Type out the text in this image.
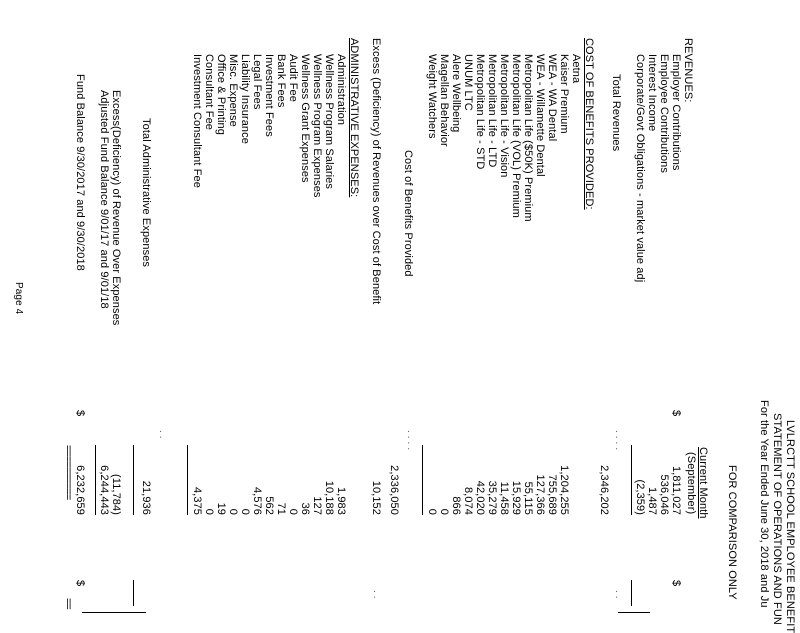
LVLRCTT SCHOOL EMPLOYEE BENEFIT
STATEMENT OF OPERATIONS AND FUN
For the Year Ended June 30, 2018 and Ju
FOR COMPARISON ONLY
Current Month
(September)
REVENUES:
Employer Contributions
$
1,811,027
$
Employee Contributions
536,046
Interest Income
1,487
Corporate/Govt Obligations - market value adj
(2,359)
Total Revenues
....
2,346,202
..
COST OF BENEFITS PROVIDED:
Aetna
Kaiser Premium
1,204,255
WEA - WA Dental
755,689
WEA - Willamette Dental
127,366
Metropolitan Life ($50K) Premium
55,115
Metropolitan Life (VOL) Premium
15,929
Metropolitan Life - Vision
11,458
Metropolitan Life - LTD
35,279
Metropolitan Life - STD
42,020
UNUM LTC
8,074
Alere Wellbeing
866
Magellan Behavior
0
Weight Watchers
0
Cost of Benefits Provided
2,336,050
....
Excess (Deficiency) of Revenues over Cost of Benefit
10,152
..
ADMINISTRATIVE EXPENSES:
Administration
1,983
Wellness Program Salaries
10,188
Wellness Program Expenses
127
Wellness Grant Expenses
36
Audit Fee
0
Bank Fees
71
Investment Fees
562
Legal Fees
4,576
Liability Insurance
0
Misc. Expense
0
Office & Printing
19
Consultant Fee
0
Investment Consultant Fee
4,375
Total Administrative Expenses
21,936
..
Excess(Deficiency) of Revenue Over Expenses
(11,784)
Adjusted Fund Balance 9/01/17 and 9/01/18
6,244,443
Fund Balance 9/30/2017 and 9/30/2018
$
6,232,659
$
==========
==
Page 4
